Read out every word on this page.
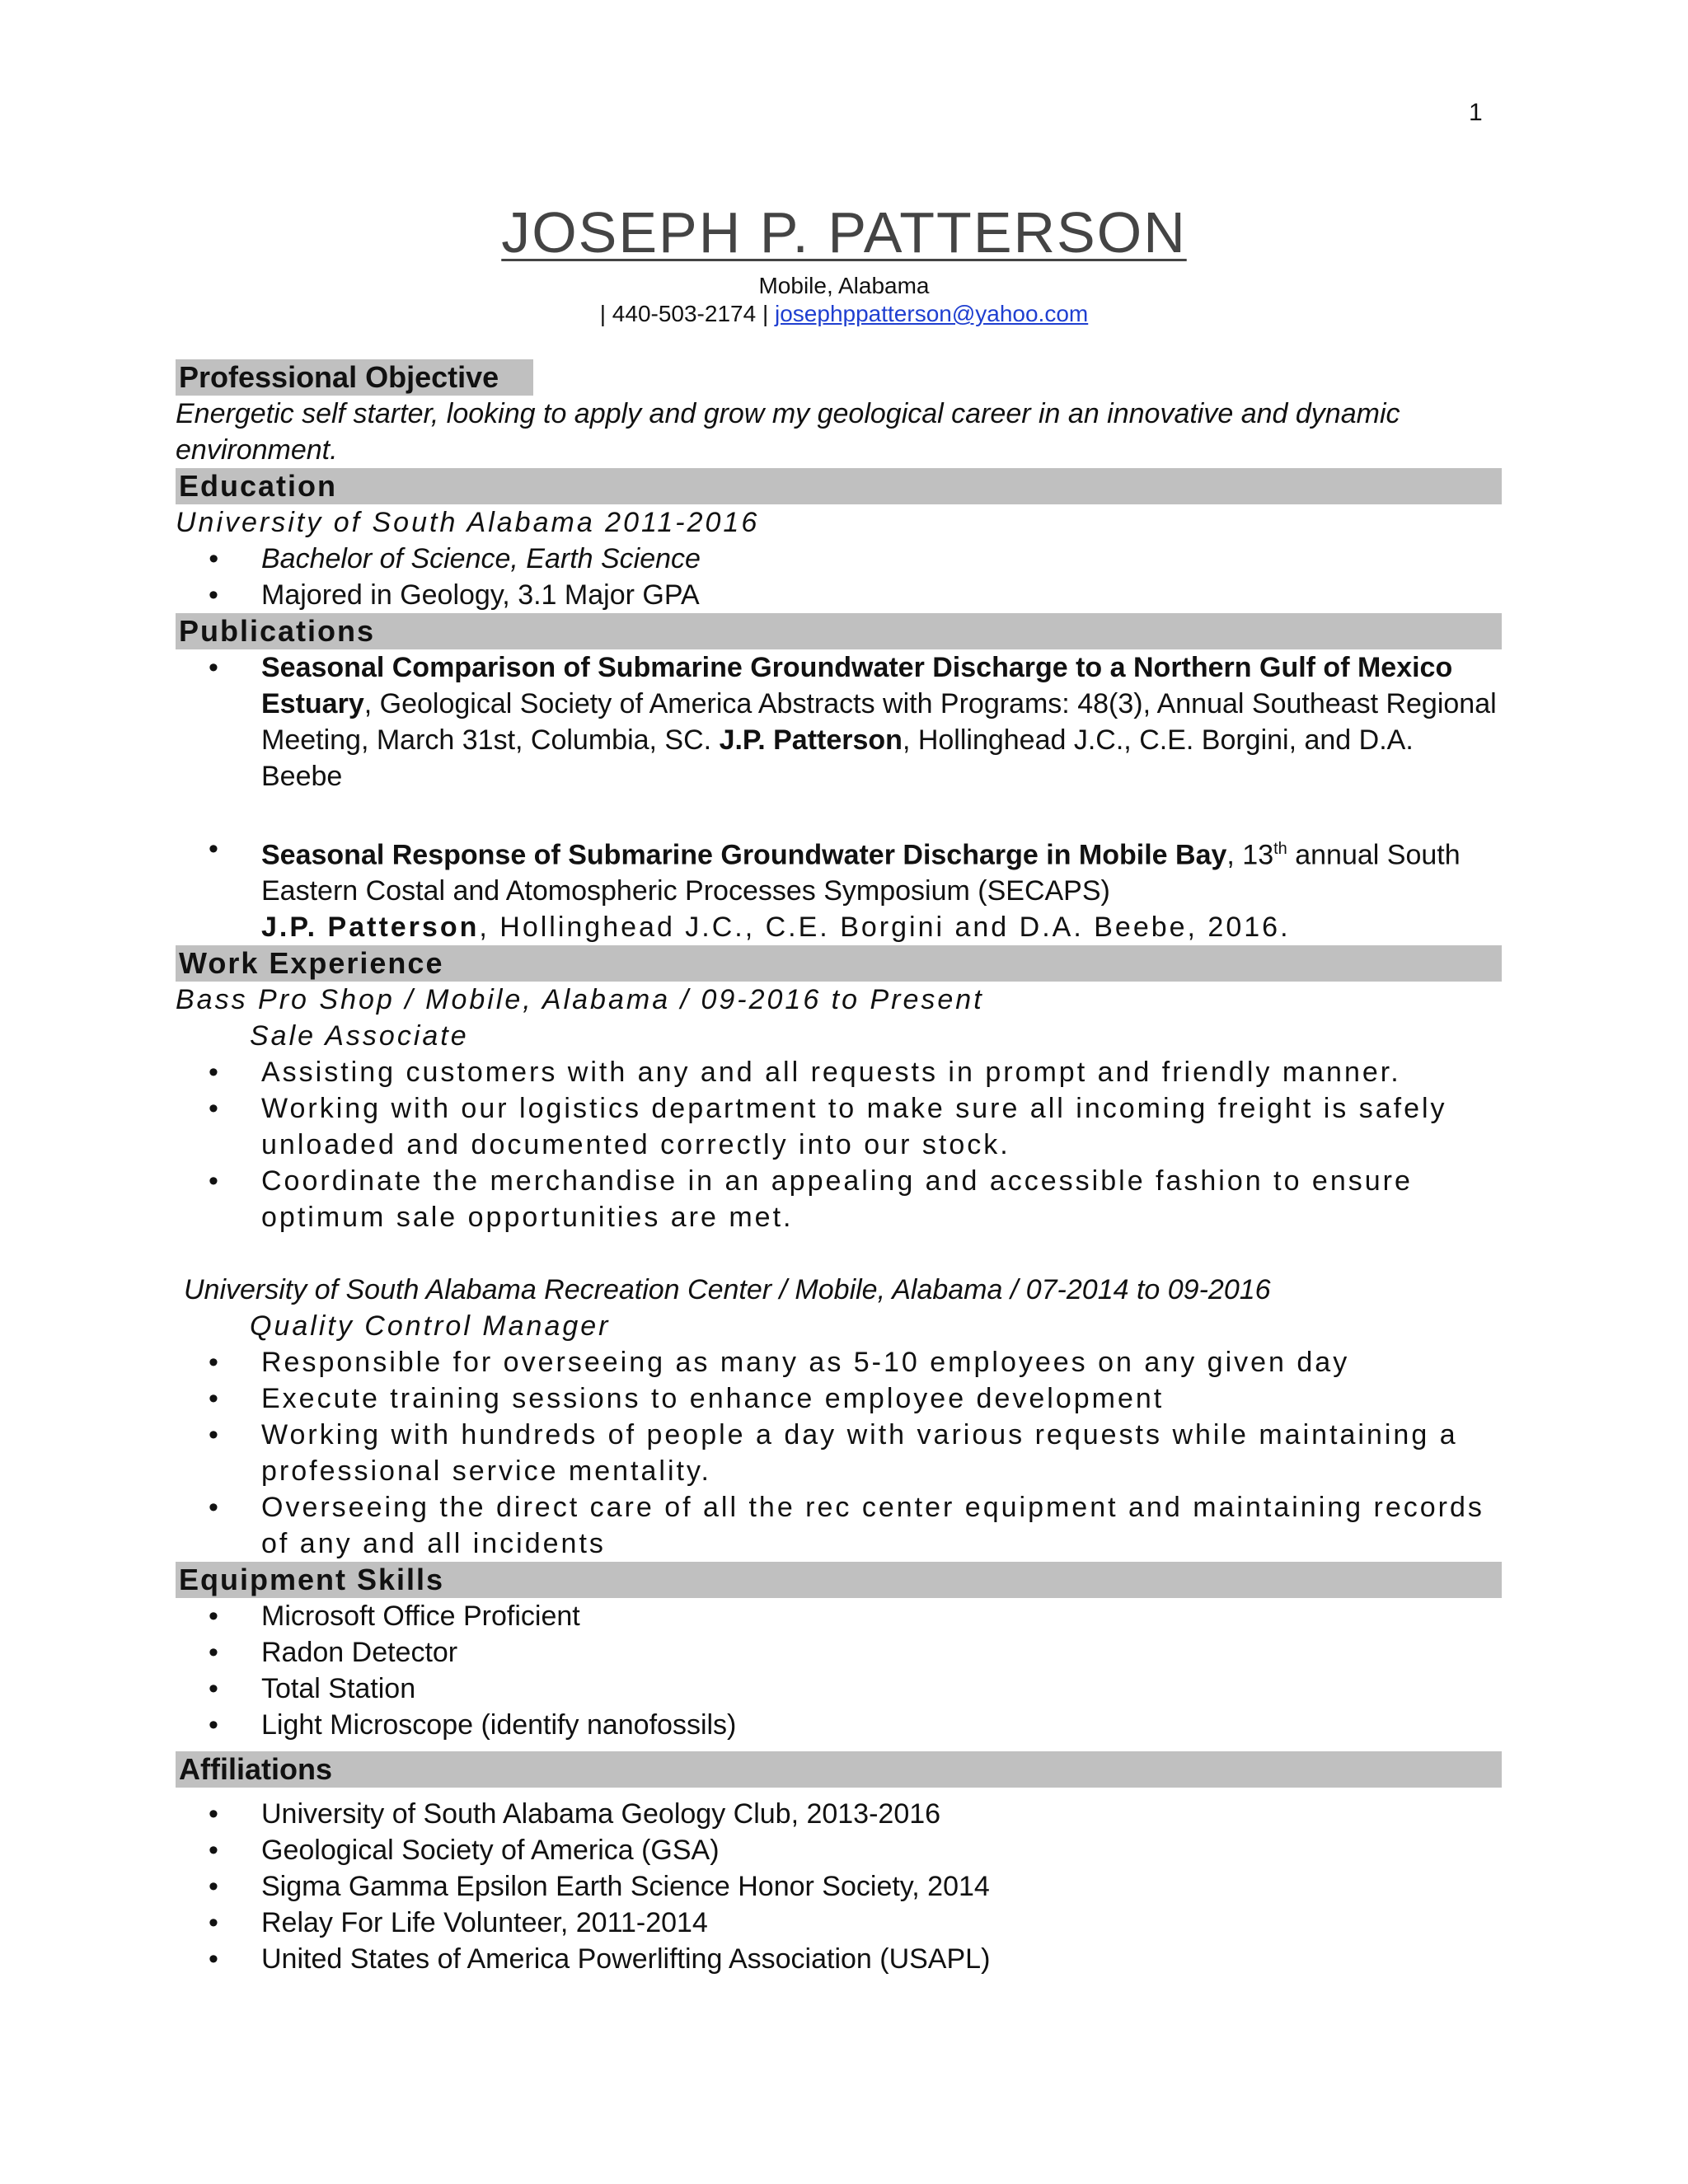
1
JOSEPH P. PATTERSON
Mobile, Alabama
| 440-503-2174 | josephppatterson@yahoo.com
Professional Objective
Energetic self starter, looking to apply and grow my geological career in an innovative and dynamic environment.
Education
University of South Alabama 2011-2016
• Bachelor of Science, Earth Science
• Majored in Geology, 3.1 Major GPA
Publications
• Seasonal Comparison of Submarine Groundwater Discharge to a Northern Gulf of Mexico Estuary, Geological Society of America Abstracts with Programs: 48(3), Annual Southeast Regional Meeting, March 31st, Columbia, SC. J.P. Patterson, Hollinghead J.C., C.E. Borgini, and D.A. Beebe
• Seasonal Response of Submarine Groundwater Discharge in Mobile Bay, 13th annual South Eastern Costal and Atomospheric Processes Symposium (SECAPS)
J.P. Patterson, Hollinghead J.C., C.E. Borgini and D.A. Beebe, 2016.
Work Experience
Bass Pro Shop / Mobile, Alabama / 09-2016 to Present
Sale Associate
• Assisting customers with any and all requests in prompt and friendly manner.
• Working with our logistics department to make sure all incoming freight is safely unloaded and documented correctly into our stock.
• Coordinate the merchandise in an appealing and accessible fashion to ensure optimum sale opportunities are met.
University of South Alabama Recreation Center / Mobile, Alabama / 07-2014 to 09-2016
Quality Control Manager
• Responsible for overseeing as many as 5-10 employees on any given day
• Execute training sessions to enhance employee development
• Working with hundreds of people a day with various requests while maintaining a professional service mentality.
• Overseeing the direct care of all the rec center equipment and maintaining records of any and all incidents
Equipment Skills
• Microsoft Office Proficient
• Radon Detector
• Total Station
• Light Microscope (identify nanofossils)
Affiliations
• University of South Alabama Geology Club, 2013-2016
• Geological Society of America (GSA)
• Sigma Gamma Epsilon Earth Science Honor Society, 2014
• Relay For Life Volunteer, 2011-2014
• United States of America Powerlifting Association (USAPL)
